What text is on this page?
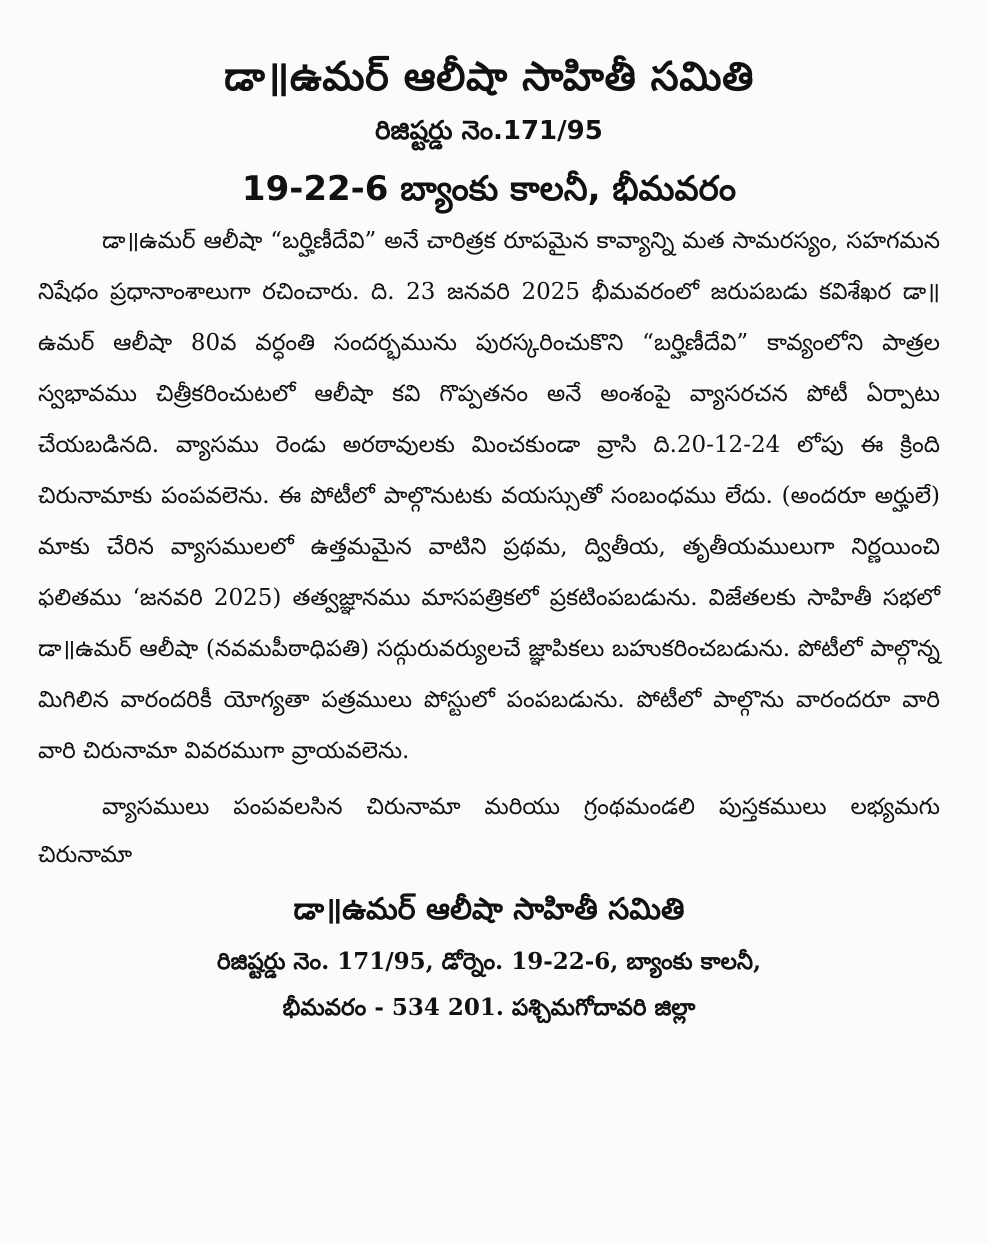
డా॥ఉమర్ ఆలీషా సాహితీ సమితి
రిజిష్టర్డు నెం.171/95
19-22-6 బ్యాంకు కాలనీ, భీమవరం

డా॥ఉమర్ ఆలీషా “బర్హిణీదేవి” అనే చారిత్రక రూపమైన కావ్యాన్ని మత సామరస్యం, సహగమన నిషేధం ప్రధానాంశాలుగా రచించారు. ది. 23 జనవరి 2025 భీమవరంలో జరుపబడు కవిశేఖర డా॥ఉమర్ ఆలీషా 80వ వర్ధంతి సందర్భమును పురస్కరించుకొని “బర్హిణీదేవి” కావ్యంలోని పాత్రల స్వభావము చిత్రీకరించుటలో ఆలీషా కవి గొప్పతనం అనే అంశంపై వ్యాసరచన పోటీ ఏర్పాటు చేయబడినది. వ్యాసము రెండు అరఠావులకు మించకుండా వ్రాసి ది.20-12-24 లోపు ఈ క్రింది చిరునామాకు పంపవలెను. ఈ పోటీలో పాల్గొనుటకు వయస్సుతో సంబంధము లేదు. (అందరూ అర్హులే) మాకు చేరిన వ్యాసములలో ఉత్తమమైన వాటిని ప్రథమ, ద్వితీయ, తృతీయములుగా నిర్ణయించి ఫలితము ‘జనవరి 2025) తత్వజ్ఞానము మాసపత్రికలో ప్రకటింపబడును. విజేతలకు సాహితీ సభలో డా॥ఉమర్ ఆలీషా (నవమపీఠాధిపతి) సద్గురువర్యులచే జ్ఞాపికలు బహుకరించబడును. పోటీలో పాల్గొన్న మిగిలిన వారందరికీ యోగ్యతా పత్రములు పోస్టులో పంపబడును. పోటీలో పాల్గొను వారందరూ వారి వారి చిరునామా వివరముగా వ్రాయవలెను.

వ్యాసములు పంపవలసిన చిరునామా మరియు గ్రంథమండలి పుస్తకములు లభ్యమగు చిరునామా

డా॥ఉమర్ ఆలీషా సాహితీ సమితి
రిజిష్టర్డు నెం. 171/95, డోర్నెం. 19-22-6, బ్యాంకు కాలనీ,
భీమవరం - 534 201. పశ్చిమగోదావరి జిల్లా
